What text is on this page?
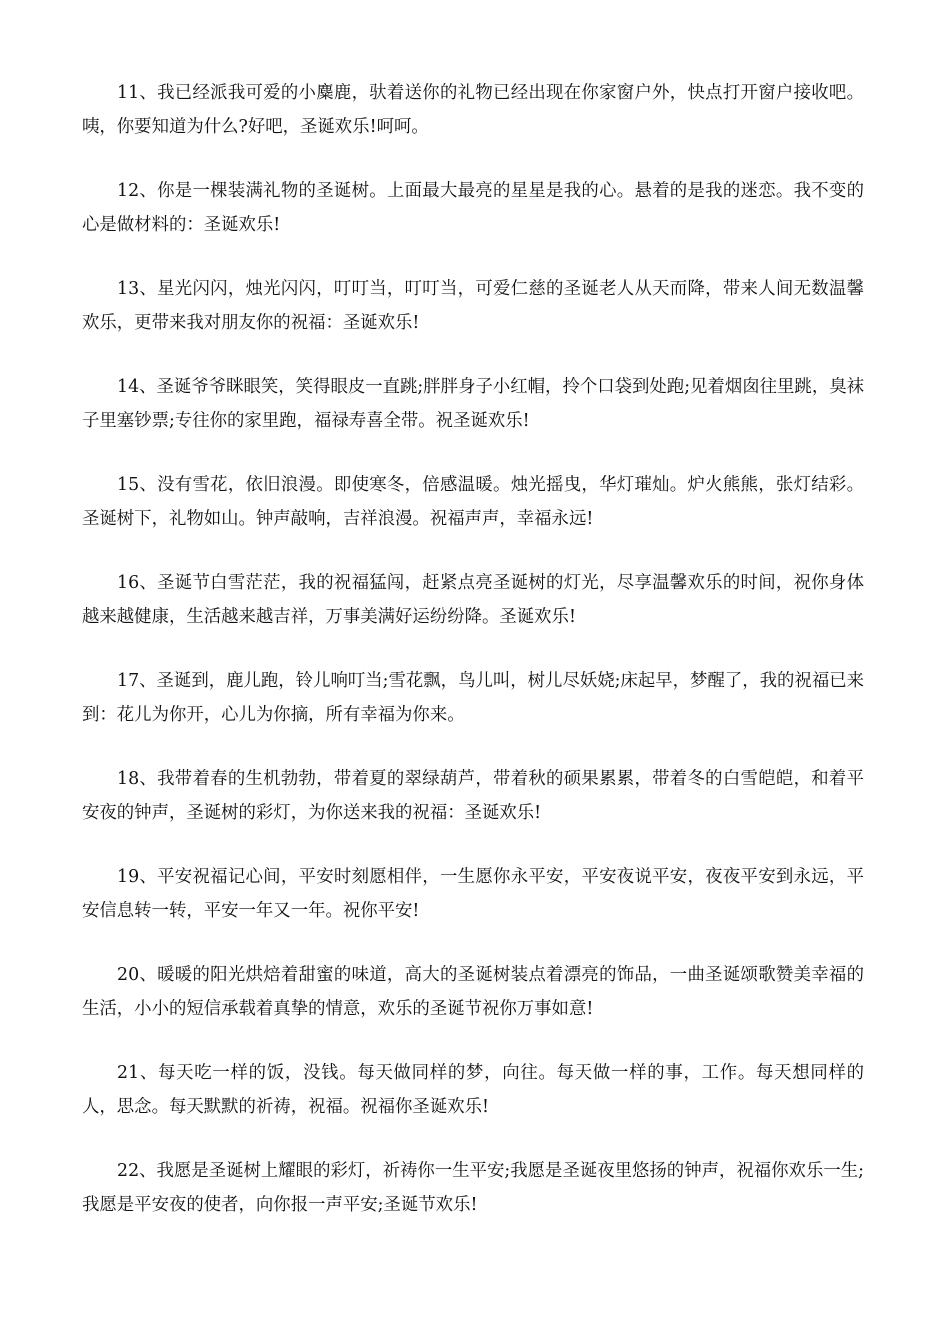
11、我已经派我可爱的小麋鹿，驮着送你的礼物已经出现在你家窗户外，快点打开窗户接收吧。咦，你要知道为什么?好吧，圣诞欢乐!呵呵。

12、你是一棵装满礼物的圣诞树。上面最大最亮的星星是我的心。悬着的是我的迷恋。我不变的心是做材料的：圣诞欢乐!

13、星光闪闪，烛光闪闪，叮叮当，叮叮当，可爱仁慈的圣诞老人从天而降，带来人间无数温馨欢乐，更带来我对朋友你的祝福：圣诞欢乐!

14、圣诞爷爷眯眼笑，笑得眼皮一直跳;胖胖身子小红帽，拎个口袋到处跑;见着烟囱往里跳，臭袜子里塞钞票;专往你的家里跑，福禄寿喜全带。祝圣诞欢乐!

15、没有雪花，依旧浪漫。即使寒冬，倍感温暖。烛光摇曳，华灯璀灿。炉火熊熊，张灯结彩。圣诞树下，礼物如山。钟声敲响，吉祥浪漫。祝福声声，幸福永远!

16、圣诞节白雪茫茫，我的祝福猛闯，赶紧点亮圣诞树的灯光，尽享温馨欢乐的时间，祝你身体越来越健康，生活越来越吉祥，万事美满好运纷纷降。圣诞欢乐!

17、圣诞到，鹿儿跑，铃儿响叮当;雪花飘，鸟儿叫，树儿尽妖娆;床起早，梦醒了，我的祝福已来到：花儿为你开，心儿为你摘，所有幸福为你来。

18、我带着春的生机勃勃，带着夏的翠绿葫芦，带着秋的硕果累累，带着冬的白雪皑皑，和着平安夜的钟声，圣诞树的彩灯，为你送来我的祝福：圣诞欢乐!

19、平安祝福记心间，平安时刻愿相伴，一生愿你永平安，平安夜说平安，夜夜平安到永远，平安信息转一转，平安一年又一年。祝你平安!

20、暖暖的阳光烘焙着甜蜜的味道，高大的圣诞树装点着漂亮的饰品，一曲圣诞颂歌赞美幸福的生活，小小的短信承载着真挚的情意，欢乐的圣诞节祝你万事如意!

21、每天吃一样的饭，没钱。每天做同样的梦，向往。每天做一样的事，工作。每天想同样的人，思念。每天默默的祈祷，祝福。祝福你圣诞欢乐!

22、我愿是圣诞树上耀眼的彩灯，祈祷你一生平安;我愿是圣诞夜里悠扬的钟声，祝福你欢乐一生;我愿是平安夜的使者，向你报一声平安;圣诞节欢乐!
